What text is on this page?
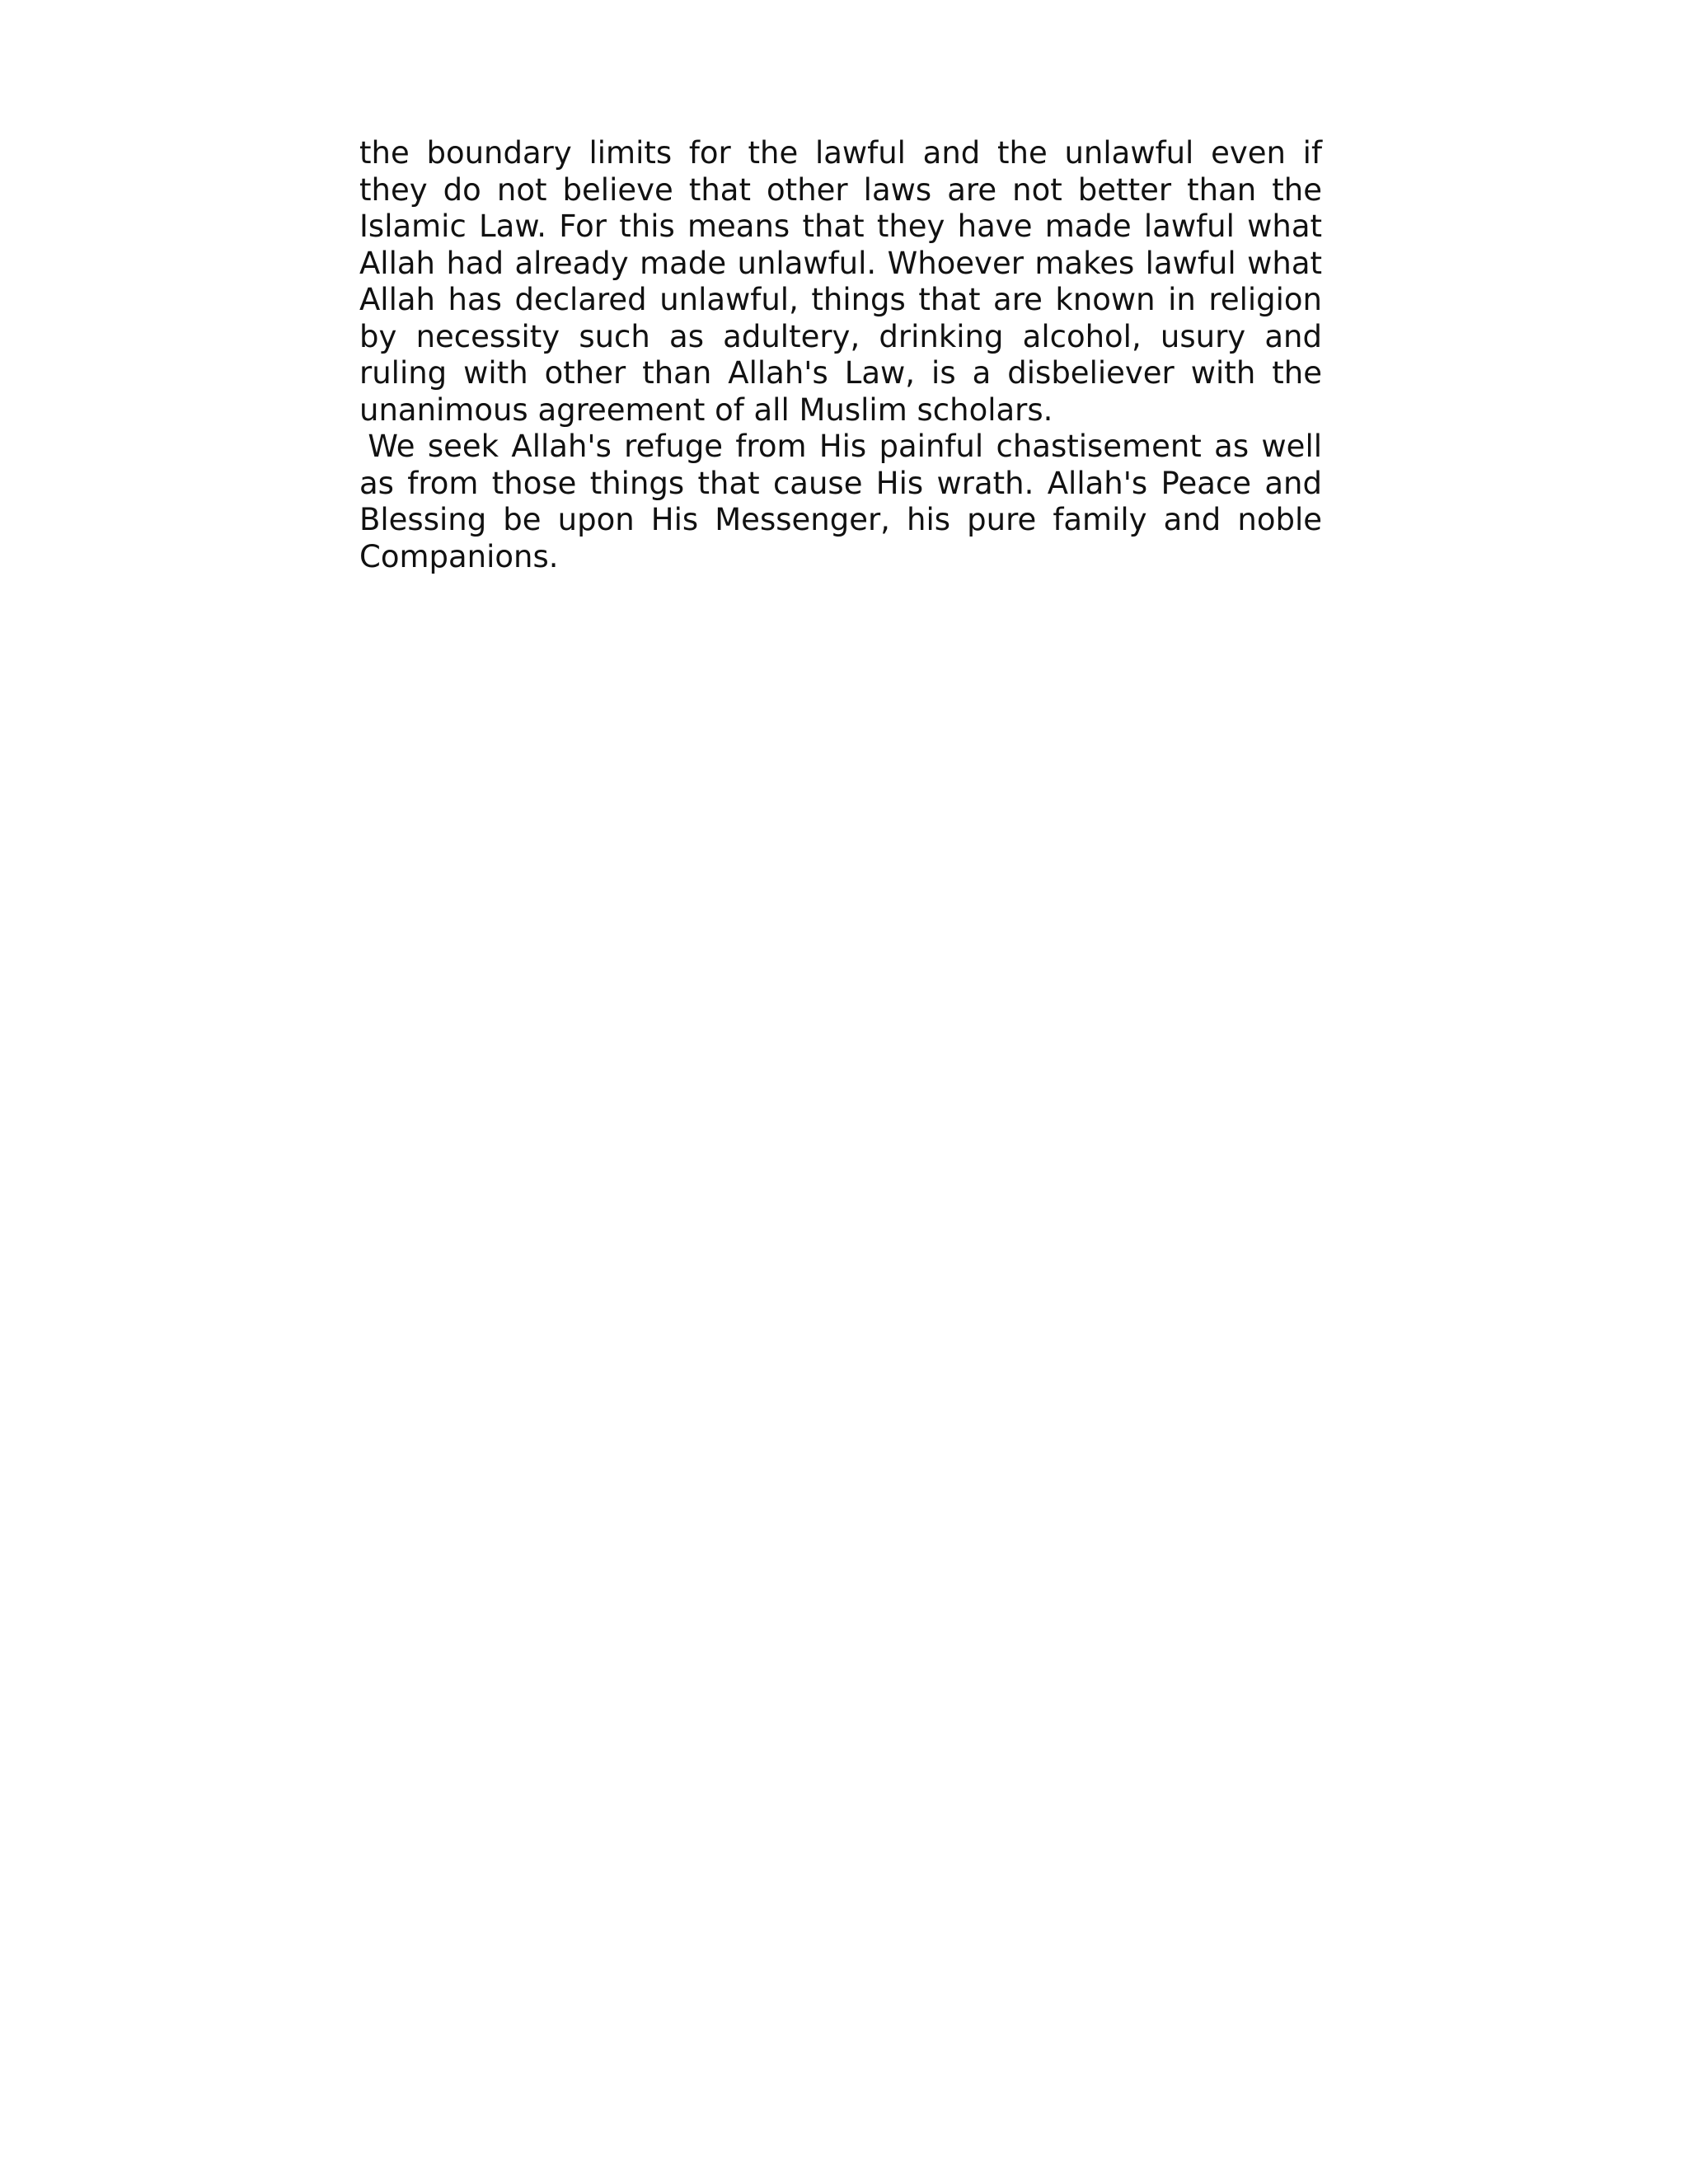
the boundary limits for the lawful and the unlawful even if they do not believe that other laws are not better than the Islamic Law. For this means that they have made lawful what Allah had already made unlawful. Whoever makes lawful what Allah has declared unlawful, things that are known in religion by necessity such as adultery, drinking alcohol, usury and ruling with other than Allah's Law, is a disbeliever with the unanimous agreement of all Muslim scholars.

We seek Allah's refuge from His painful chastisement as well as from those things that cause His wrath. Allah's Peace and Blessing be upon His Messenger, his pure family and noble Companions.
